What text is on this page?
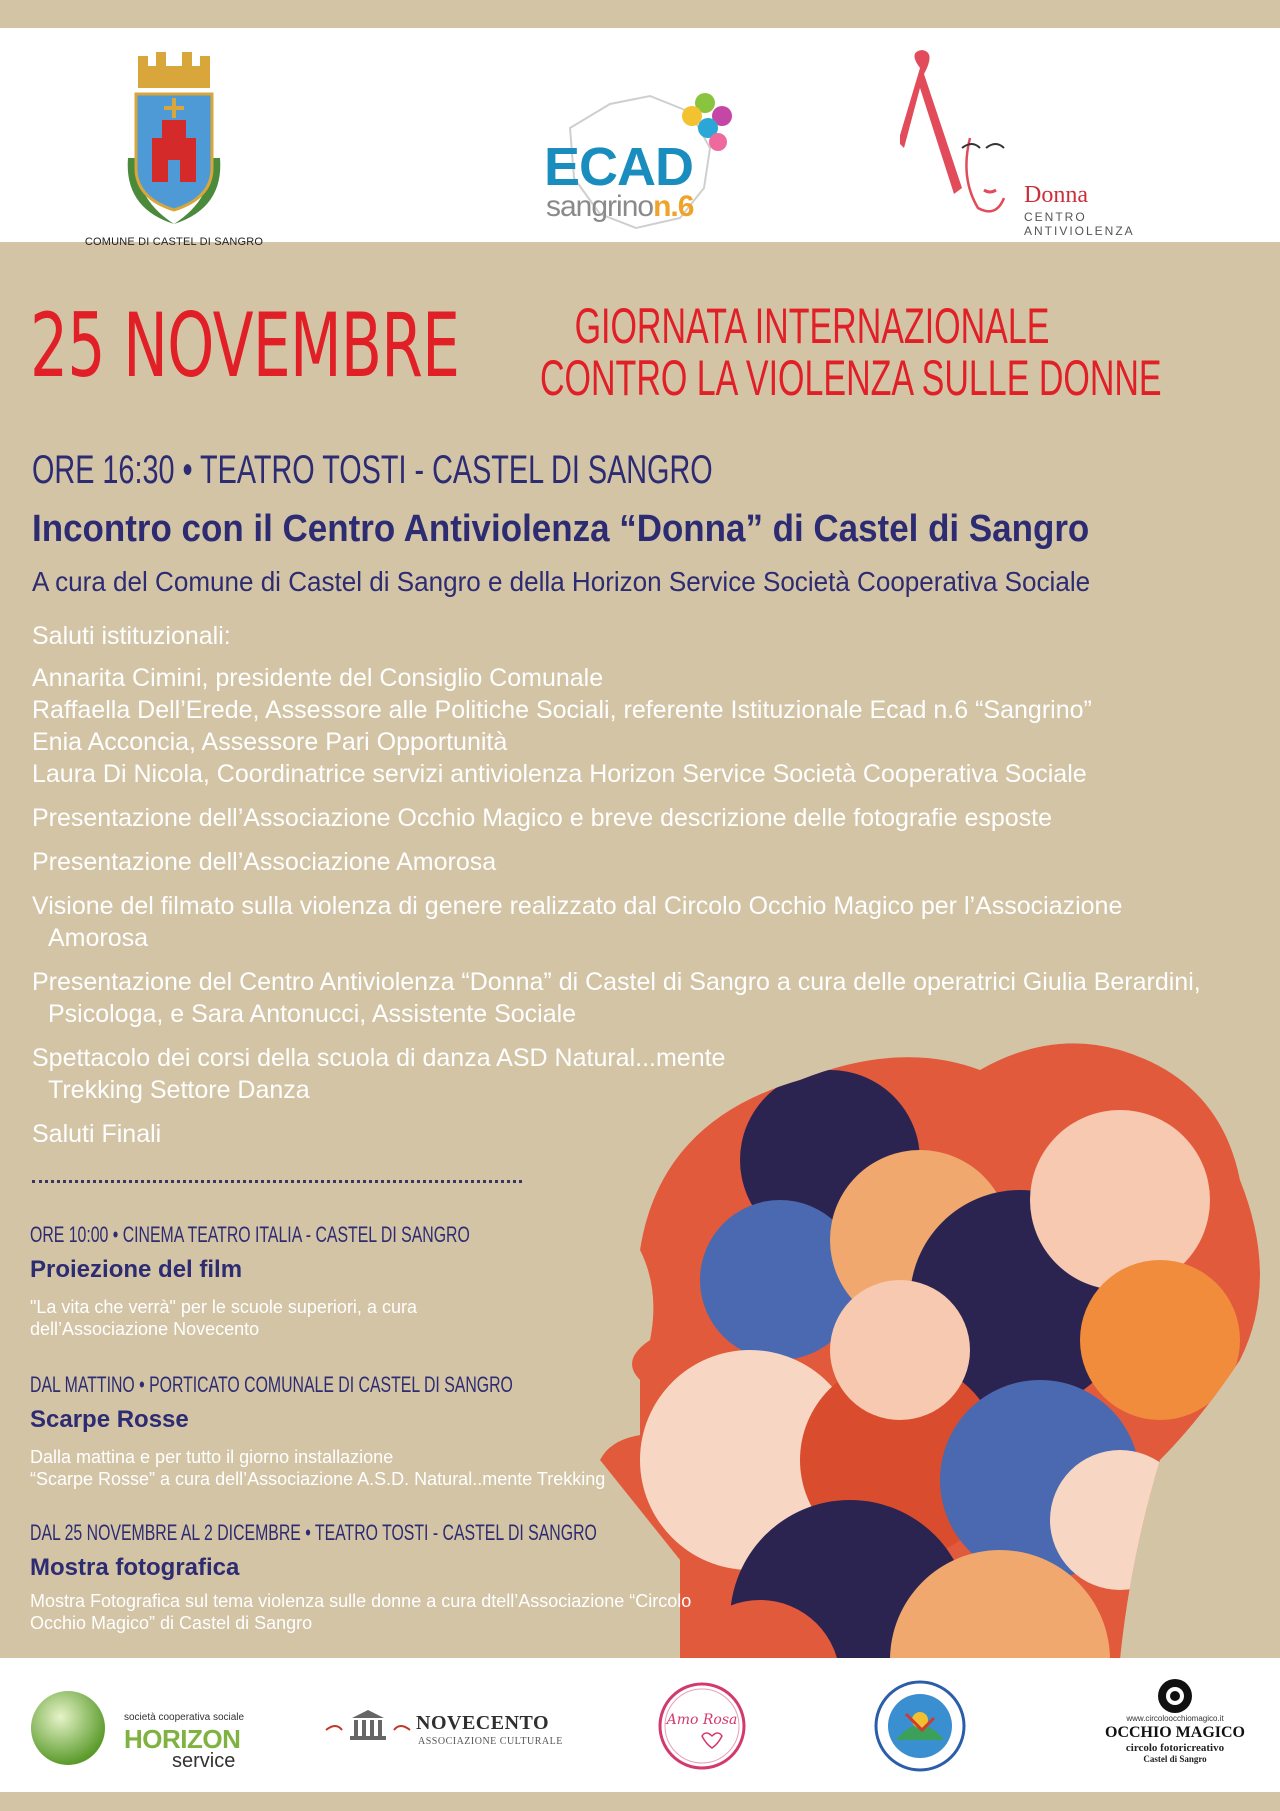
COMUNE DI CASTEL DI SANGRO
ECAD
sangrinon.6	Donna
CENTRO ANTIVIOLENZA
25 NOVEMBRE	GIORNATA INTERNAZIONALE
CONTRO LA VIOLENZA SULLE DONNE
ORE 16:30 • TEATRO TOSTI - CASTEL DI SANGRO
Incontro con il Centro Antiviolenza “Donna” di Castel di Sangro
A cura del Comune di Castel di Sangro e della Horizon Service Società Cooperativa Sociale
Saluti istituzionali:
Annarita Cimini, presidente del Consiglio Comunale
Raffaella Dell’Erede, Assessore alle Politiche Sociali, referente Istituzionale Ecad n.6 “Sangrino”
Enia Acconcia, Assessore Pari Opportunità
Laura Di Nicola, Coordinatrice servizi antiviolenza Horizon Service Società Cooperativa Sociale
Presentazione dell’Associazione Occhio Magico e breve descrizione delle fotografie esposte
Presentazione dell’Associazione Amorosa
Visione del filmato sulla violenza di genere realizzato dal Circolo Occhio Magico per l’Associazione
Amorosa
Presentazione del Centro Antiviolenza “Donna” di Castel di Sangro a cura delle operatrici Giulia Berardini,
Psicologa, e Sara Antonucci, Assistente Sociale
Spettacolo dei corsi della scuola di danza ASD Natural...mente
Trekking Settore Danza
Saluti Finali
ORE 10:00 • CINEMA TEATRO ITALIA - CASTEL DI SANGRO
Proiezione del film
"La vita che verrà" per le scuole superiori, a cura
dell’Associazione Novecento
DAL MATTINO • PORTICATO COMUNALE DI CASTEL DI SANGRO
Scarpe Rosse
Dalla mattina e per tutto il giorno installazione
“Scarpe Rosse” a cura dell’Associazione A.S.D. Natural..mente Trekking
DAL 25 NOVEMBRE AL 2 DICEMBRE • TEATRO TOSTI - CASTEL DI SANGRO
Mostra fotografica
Mostra Fotografica sul tema violenza sulle donne a cura dtell’Associazione “Circolo
Occhio Magico” di Castel di Sangro
società cooperativa sociale
HORIZON
service
NOVECENTO
ASSOCIAZIONE CULTURALE
Amo Rosa	www.circoloocchiomagico.it
OCCHIO MAGICO
circolo fotoricreativo
Castel di Sangro
